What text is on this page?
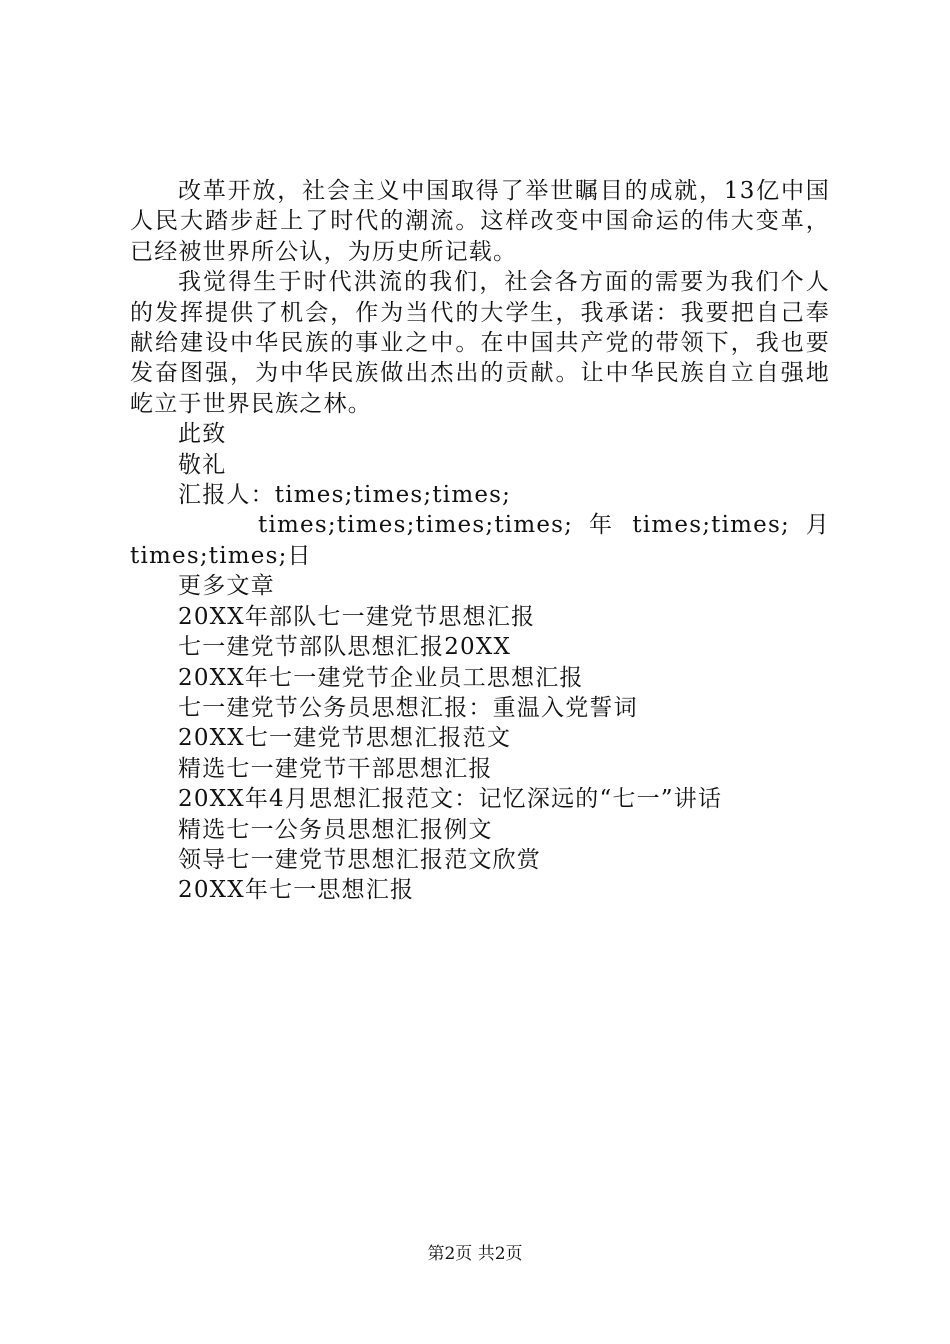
改革开放，社会主义中国取得了举世瞩目的成就，13亿中国人民大踏步赶上了时代的潮流。这样改变中国命运的伟大变革，已经被世界所公认，为历史所记载。

我觉得生于时代洪流的我们，社会各方面的需要为我们个人的发挥提供了机会，作为当代的大学生，我承诺：我要把自己奉献给建设中华民族的事业之中。在中国共产党的带领下，我也要发奋图强，为中华民族做出杰出的贡献。让中华民族自立自强地屹立于世界民族之林。

此致

敬礼

汇报人：times;times;times;

times;times;times;times; 年 times;times; 月 times;times;日

更多文章

20XX年部队七一建党节思想汇报
七一建党节部队思想汇报20XX
20XX年七一建党节企业员工思想汇报
七一建党节公务员思想汇报：重温入党誓词
20XX七一建党节思想汇报范文
精选七一建党节干部思想汇报
20XX年4月思想汇报范文：记忆深远的“七一”讲话
精选七一公务员思想汇报例文
领导七一建党节思想汇报范文欣赏
20XX年七一思想汇报
第2页 共2页
